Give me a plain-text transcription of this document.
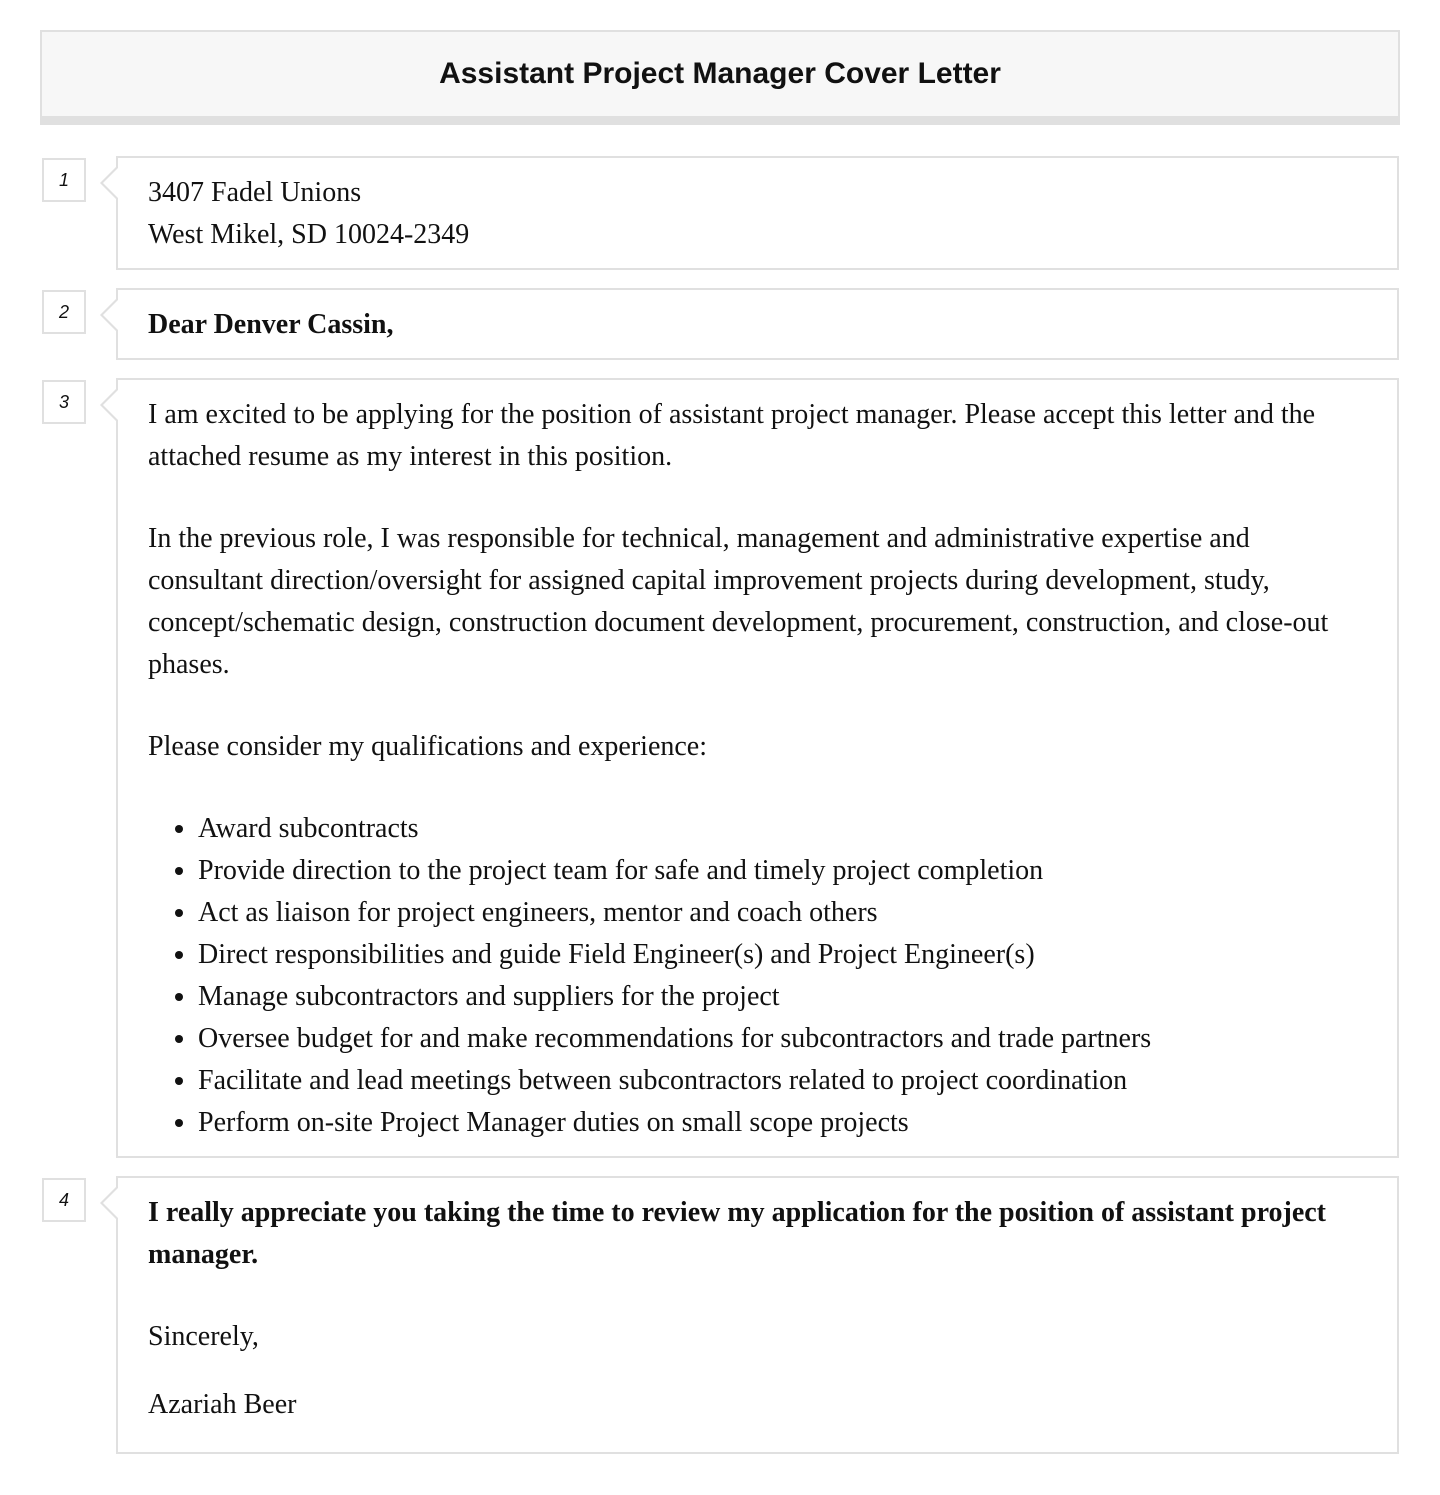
Assistant Project Manager Cover Letter
1	3407 Fadel Unions

West Mikel, SD 10024-2349

2	Dear Denver Cassin,

3	I am excited to be applying for the position of assistant project manager. Please accept this letter and the attached resume as my interest in this position.

In the previous role, I was responsible for technical, management and administrative expertise and consultant direction/oversight for assigned capital improvement projects during development, study, concept/schematic design, construction document development, procurement, construction, and close-out phases.

Please consider my qualifications and experience:

• Award subcontracts
• Provide direction to the project team for safe and timely project completion
• Act as liaison for project engineers, mentor and coach others
• Direct responsibilities and guide Field Engineer(s) and Project Engineer(s)
• Manage subcontractors and suppliers for the project
• Oversee budget for and make recommendations for subcontractors and trade partners
• Facilitate and lead meetings between subcontractors related to project coordination
• Perform on-site Project Manager duties on small scope projects
4	I really appreciate you taking the time to review my application for the position of assistant project manager.

Sincerely,

Azariah Beer
